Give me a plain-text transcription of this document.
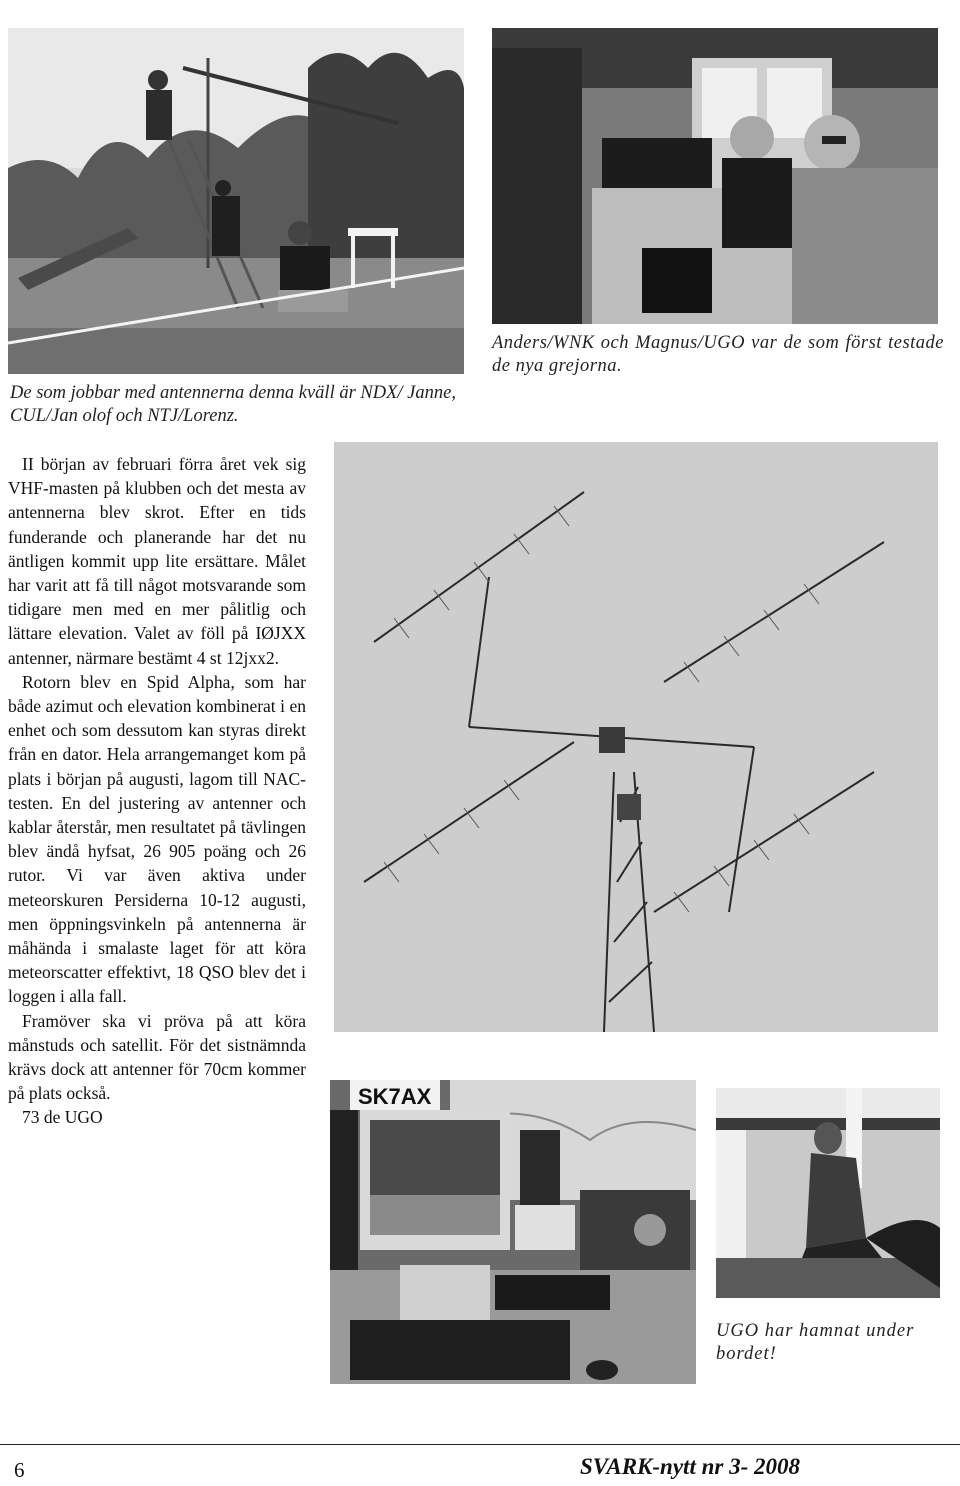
De som jobbar med antennerna denna kväll är NDX/ Janne, CUL/Jan olof och NTJ/Lorenz.

Anders/WNK och Magnus/UGO var de som först testade de nya grejorna.

II början av februari förra året vek sig VHF-masten på klubben och det mesta av antennerna blev skrot. Efter en tids funderande och planerande har det nu äntligen kommit upp lite ersättare. Målet har varit att få till något motsvarande som tidigare men med en mer pålitlig och lättare elevation. Valet av föll på IØJXX antenner, närmare bestämt 4 st 12jxx2.

Rotorn blev en Spid Alpha, som har både azimut och elevation kombinerat i en enhet och som dessutom kan styras direkt från en dator. Hela arrangemanget kom på plats i början på augusti, lagom till NAC-testen. En del justering av antenner och kablar återstår, men resultatet på tävlingen blev ändå hyfsat, 26 905 poäng och 26 rutor. Vi var även aktiva under meteorskuren Persiderna 10-12 augusti, men öppningsvinkeln på antennerna är måhända i smalaste laget för att köra meteorscatter effektivt, 18 QSO blev det i loggen i alla fall.

Framöver ska vi pröva på att köra månstuds och satellit. För det sistnämnda krävs dock att antenner för 70cm kommer på plats också.

73 de UGO

SK7AX

UGO har hamnat under bordet!

6	SVARK-nytt nr 3- 2008
